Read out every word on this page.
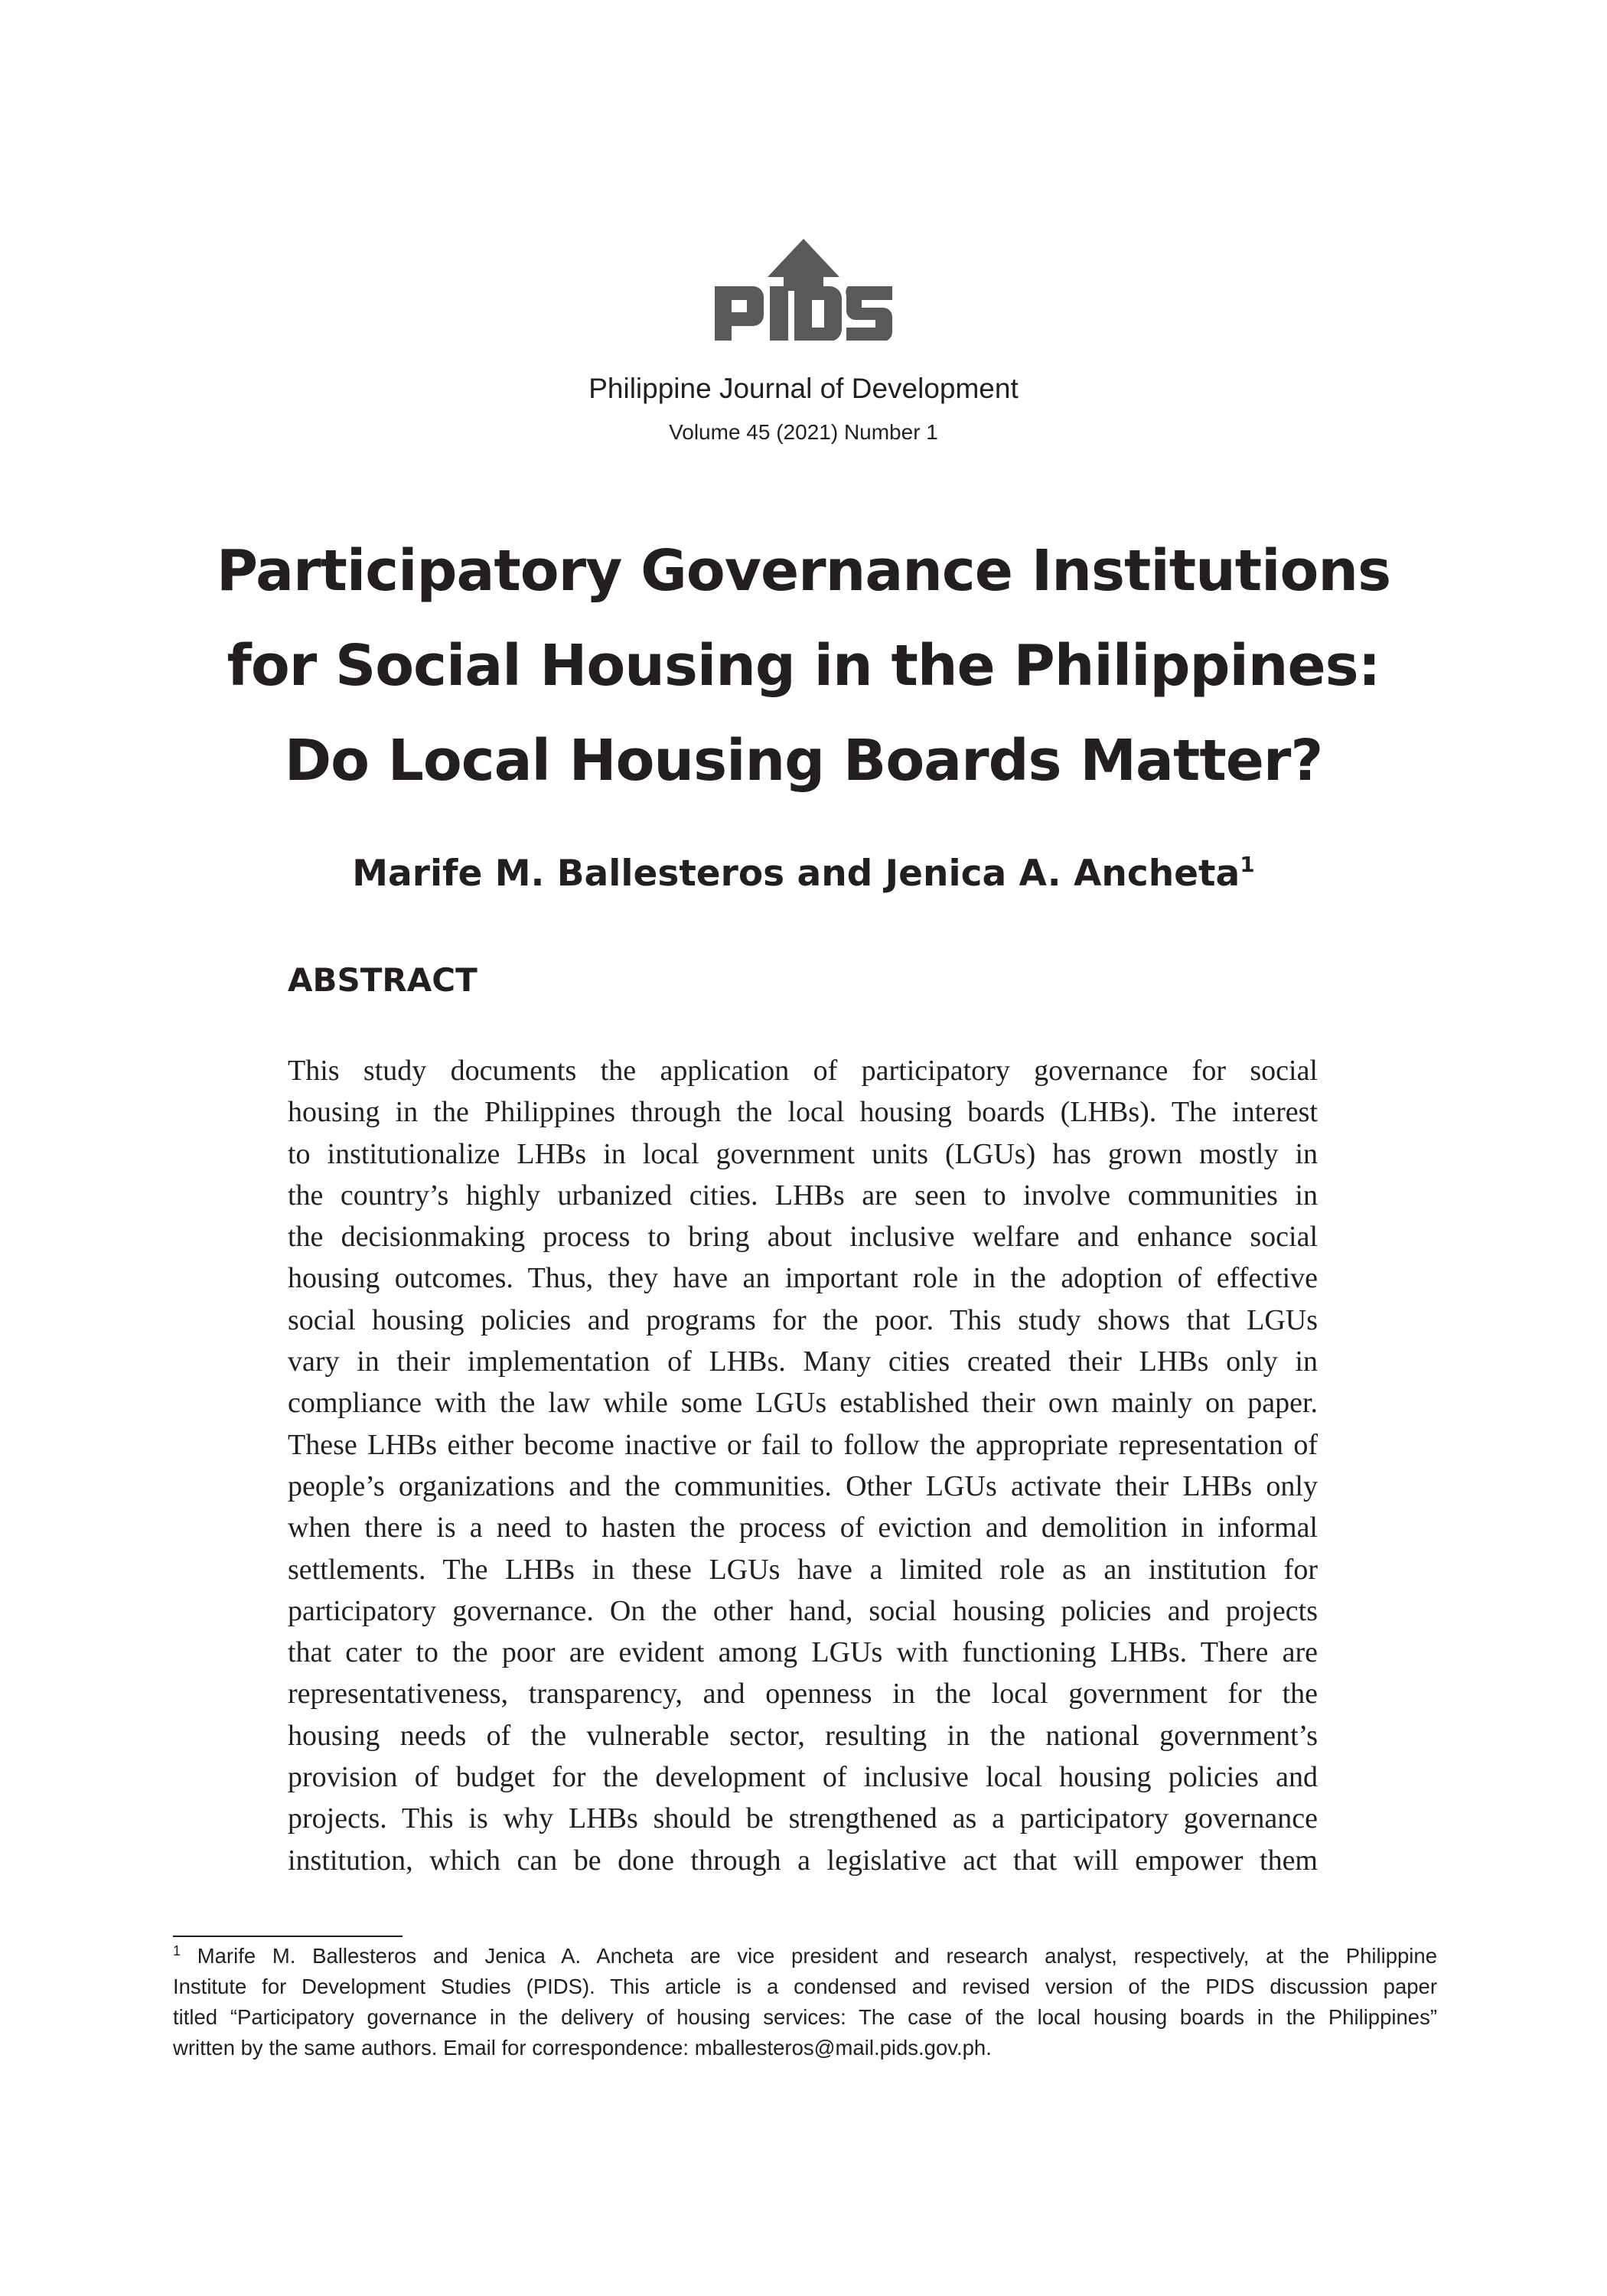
Philippine Journal of Development
Volume 45 (2021) Number 1
Participatory Governance Institutions
for Social Housing in the Philippines:
Do Local Housing Boards Matter?
Marife M. Ballesteros and Jenica A. Ancheta$^1$
ABSTRACT
This study documents the application of participatory governance for social
housing in the Philippines through the local housing boards (LHBs). The interest
to institutionalize LHBs in local government units (LGUs) has grown mostly in
the country’s highly urbanized cities. LHBs are seen to involve communities in
the decisionmaking process to bring about inclusive welfare and enhance social
housing outcomes. Thus, they have an important role in the adoption of effective
social housing policies and programs for the poor. This study shows that LGUs
vary in their implementation of LHBs. Many cities created their LHBs only in
compliance with the law while some LGUs established their own mainly on paper.
These LHBs either become inactive or fail to follow the appropriate representation of
people’s organizations and the communities. Other LGUs activate their LHBs only
when there is a need to hasten the process of eviction and demolition in informal
settlements. The LHBs in these LGUs have a limited role as an institution for
participatory governance. On the other hand, social housing policies and projects
that cater to the poor are evident among LGUs with functioning LHBs. There are
representativeness, transparency, and openness in the local government for the
housing needs of the vulnerable sector, resulting in the national government’s
provision of budget for the development of inclusive local housing policies and
projects. This is why LHBs should be strengthened as a participatory governance
institution, which can be done through a legislative act that will empower them
$^1$ Marife M. Ballesteros and Jenica A. Ancheta are vice president and research analyst, respectively, at the Philippine
Institute for Development Studies (PIDS). This article is a condensed and revised version of the PIDS discussion paper
titled “Participatory governance in the delivery of housing services: The case of the local housing boards in the Philippines”
written by the same authors. Email for correspondence: mballesteros@mail.pids.gov.ph.
